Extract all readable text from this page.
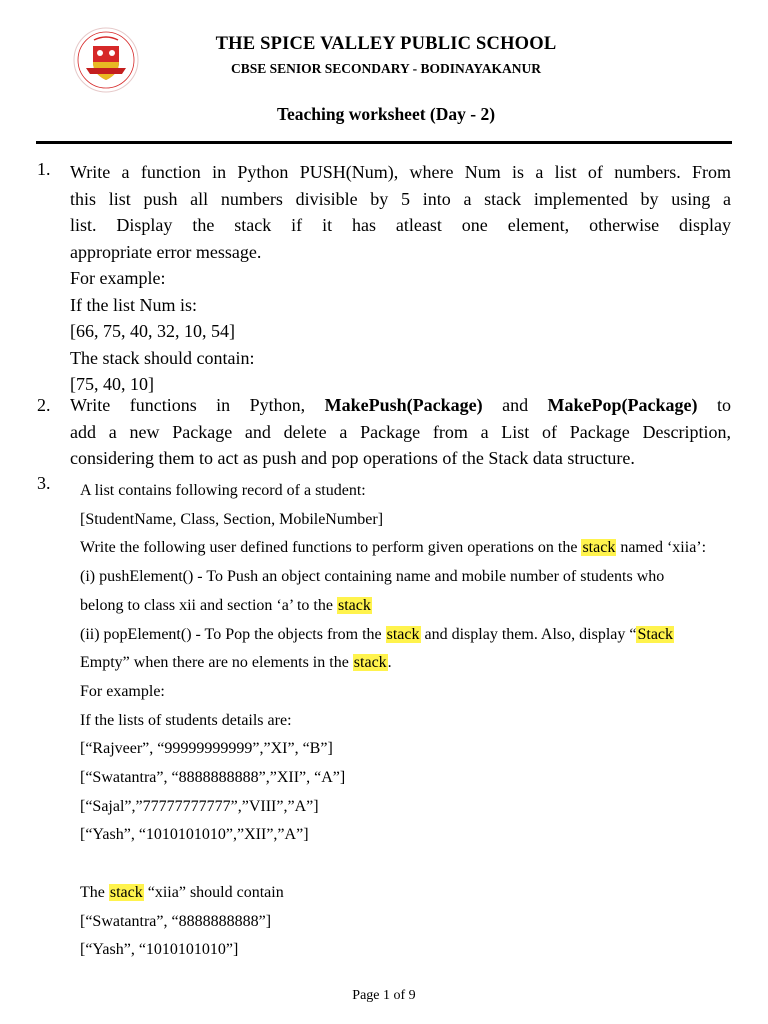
THE SPICE VALLEY PUBLIC SCHOOL
CBSE SENIOR SECONDARY - BODINAYAKANUR
Teaching worksheet (Day - 2)
1. Write a function in Python PUSH(Num), where Num is a list of numbers. From

this list push all numbers divisible by 5 into a stack implemented by using a

list. Display the stack if it has atleast one element, otherwise display

appropriate error message.

For example:

If the list Num is:

[66, 75, 40, 32, 10, 54]

The stack should contain:

[75, 40, 10]

2. Write functions in Python, MakePush(Package) and MakePop(Package) to

add a new Package and delete a Package from a List of Package Description,

considering them to act as push and pop operations of the Stack data structure.

3. A list contains following record of a student:

[StudentName, Class, Section, MobileNumber]

Write the following user defined functions to perform given operations on the stack named ‘xiia’:

(i) pushElement() - To Push an object containing name and mobile number of students who

belong to class xii and section ‘a’ to the stack

(ii) popElement() - To Pop the objects from the stack and display them. Also, display “Stack

Empty” when there are no elements in the stack.

For example:

If the lists of students details are:

[“Rajveer”, “99999999999”,”XI”, “B”]

[“Swatantra”, “8888888888”,”XII”, “A”]

[“Sajal”,”77777777777”,”VIII”,”A”]

[“Yash”, “1010101010”,”XII”,”A”]

The stack “xiia” should contain

[“Swatantra”, “8888888888”]

[“Yash”, “1010101010”]

Page 1 of 9
